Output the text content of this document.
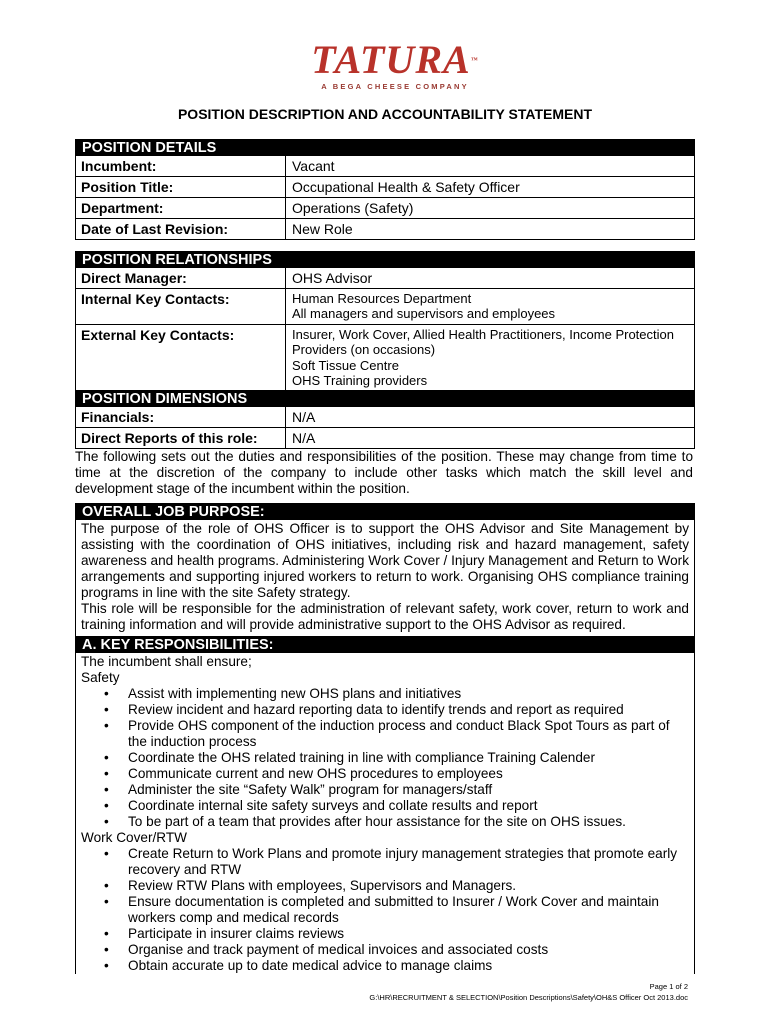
TATURA™
A BEGA CHEESE COMPANY
POSITION DESCRIPTION AND ACCOUNTABILITY STATEMENT
POSITION DETAILS
Incumbent:	Vacant
Position Title:	Occupational Health & Safety Officer
Department:	Operations (Safety)
Date of Last Revision:	New Role
POSITION RELATIONSHIPS
Direct Manager:	OHS Advisor
Internal Key Contacts:	Human Resources Department
All managers and supervisors and employees
External Key Contacts:	Insurer, Work Cover, Allied Health Practitioners, Income Protection Providers (on occasions)
Soft Tissue Centre
OHS Training providers
POSITION DIMENSIONS
Financials:	N/A
Direct Reports of this role:	N/A
The following sets out the duties and responsibilities of the position. These may change from time to time at the discretion of the company to include other tasks which match the skill level and development stage of the incumbent within the position.
OVERALL JOB PURPOSE:

The purpose of the role of OHS Officer is to support the OHS Advisor and Site Management by assisting with the coordination of OHS initiatives, including risk and hazard management, safety awareness and health programs. Administering Work Cover / Injury Management and Return to Work arrangements and supporting injured workers to return to work. Organising OHS compliance training programs in line with the site Safety strategy.

This role will be responsible for the administration of relevant safety, work cover, return to work and training information and will provide administrative support to the OHS Advisor as required.

A. KEY RESPONSIBILITIES:

The incumbent shall ensure;

Safety

• Assist with implementing new OHS plans and initiatives
• Review incident and hazard reporting data to identify trends and report as required
• Provide OHS component of the induction process and conduct Black Spot Tours as part of the induction process
• Coordinate the OHS related training in line with compliance Training Calender
• Communicate current and new OHS procedures to employees
• Administer the site “Safety Walk” program for managers/staff
• Coordinate internal site safety surveys and collate results and report
• To be part of a team that provides after hour assistance for the site on OHS issues.

Work Cover/RTW

• Create Return to Work Plans and promote injury management strategies that promote early recovery and RTW
• Review RTW Plans with employees, Supervisors and Managers.
• Ensure documentation is completed and submitted to Insurer / Work Cover and maintain workers comp and medical records
• Participate in insurer claims reviews
• Organise and track payment of medical invoices and associated costs
• Obtain accurate up to date medical advice to manage claims
Page 1 of 2
G:\HR\RECRUITMENT & SELECTION\Position Descriptions\Safety\OH&S Officer Oct 2013.doc
